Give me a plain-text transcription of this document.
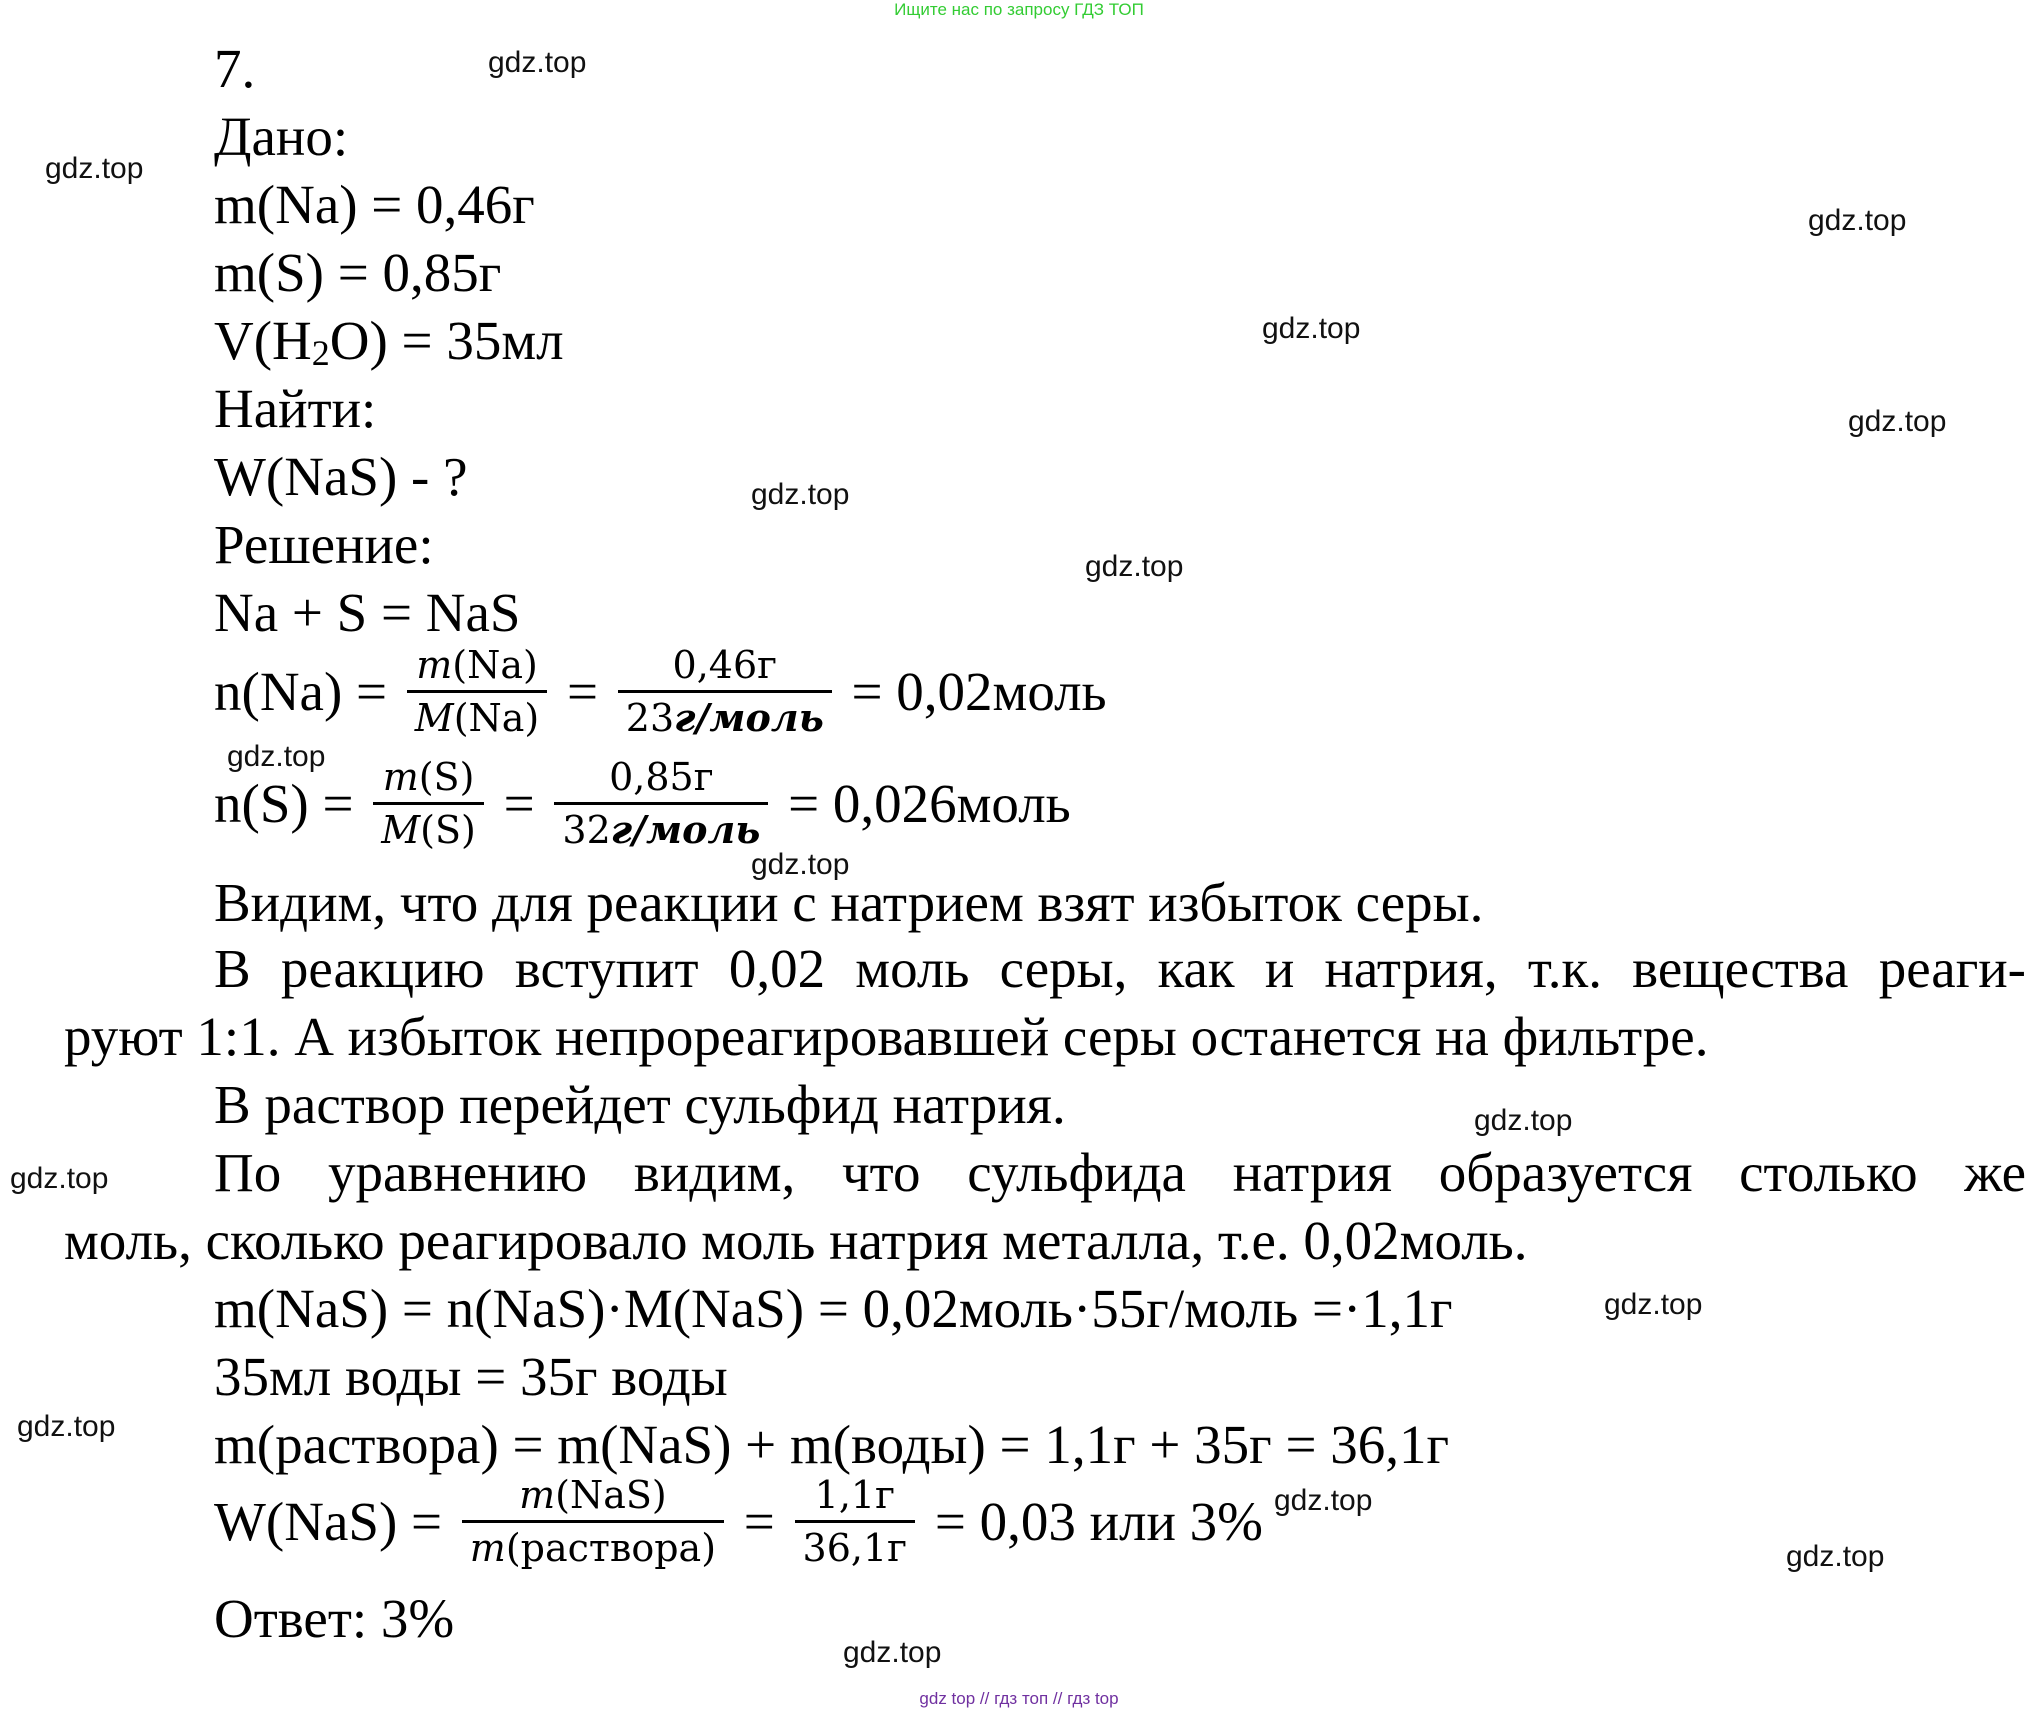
Ищите нас по запросу ГДЗ ТОП
gdz.top
gdz.top
gdz.top
gdz.top
gdz.top
gdz.top
gdz.top
gdz.top
gdz.top
gdz.top
gdz.top
gdz.top
gdz.top
gdz.top
gdz.top
gdz.top
7.
Дано:
m(Na) = 0,46г
m(S) = 0,85г
$V(H_2O) = 35мл$
Найти:
W(NaS) - ?
Решение:
Na + S = NaS
$n(Na) = \frac{m(Na)}{M(Na)} = \frac{0,46г}{\text{23г/моль}}$ = 0,02моль
$n(S) = \frac{m(S)}{M(S)} = \frac{0,85г}{\text{32г/моль}}$ = 0,026моль
Видим, что для реакции с натрием взят избыток серы.
В реакцию вступит 0,02 моль серы, как и натрия, т.к. вещества реаги-
руют 1:1. А избыток непрореагировавшей серы останется на фильтре.
В раствор перейдет сульфид натрия.
По уравнению видим, что сульфида натрия образуется столько же
моль, сколько реагировало моль натрия металла, т.е. 0,02моль.
m(NaS) = n(NaS)·M(NaS) = 0,02моль·55г/моль =·1,1г
35мл воды = 35г воды
m(раствора) = m(NaS) + m(воды) = 1,1г + 35г = 36,1г
$W(NaS) = \frac{\text{m(NaS)}}{\text{m(раствора)}} = \frac{1,1г}{36,1г} = 0,03$ или 3%
Ответ: 3%
gdz top // гдз топ // гдз top
